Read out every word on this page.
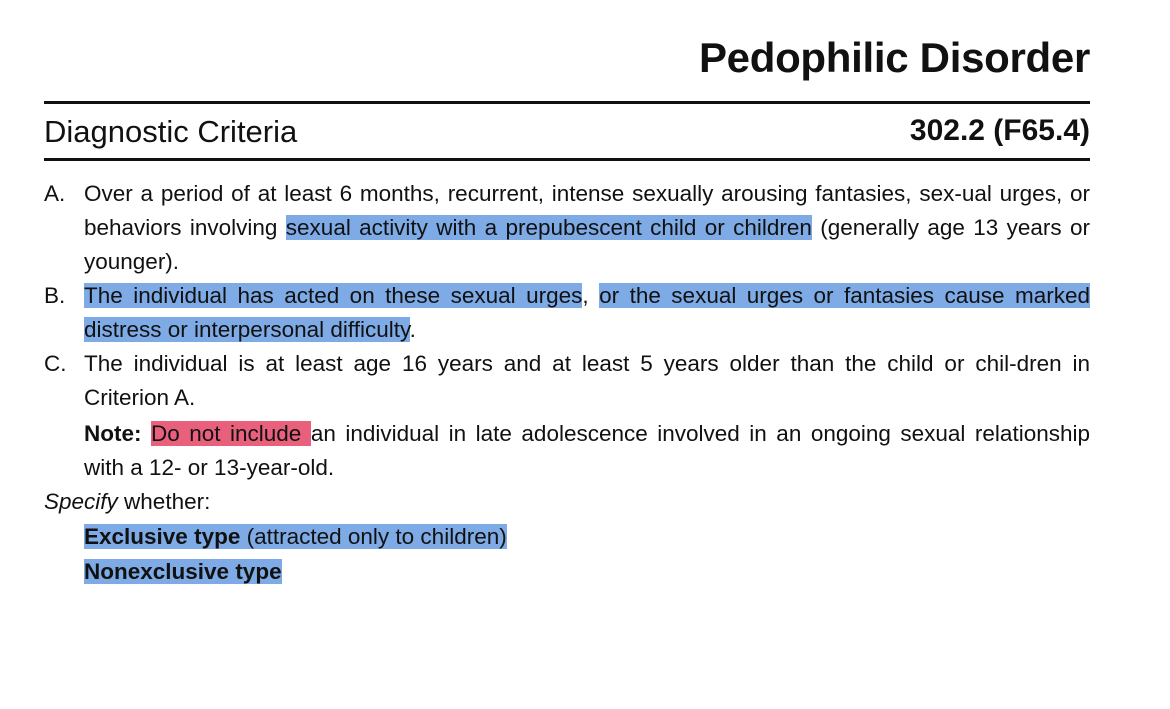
Pedophilic Disorder
Diagnostic Criteria	302.2 (F65.4)
A. Over a period of at least 6 months, recurrent, intense sexually arousing fantasies, sex-ual urges, or behaviors involving sexual activity with a prepubescent child or children (generally age 13 years or younger).
B. The individual has acted on these sexual urges, or the sexual urges or fantasies cause marked distress or interpersonal difficulty.
C. The individual is at least age 16 years and at least 5 years older than the child or chil-dren in Criterion A.
Note: Do not include an individual in late adolescence involved in an ongoing sexual relationship with a 12- or 13-year-old.
Specify whether:
Exclusive type (attracted only to children)
Nonexclusive type
